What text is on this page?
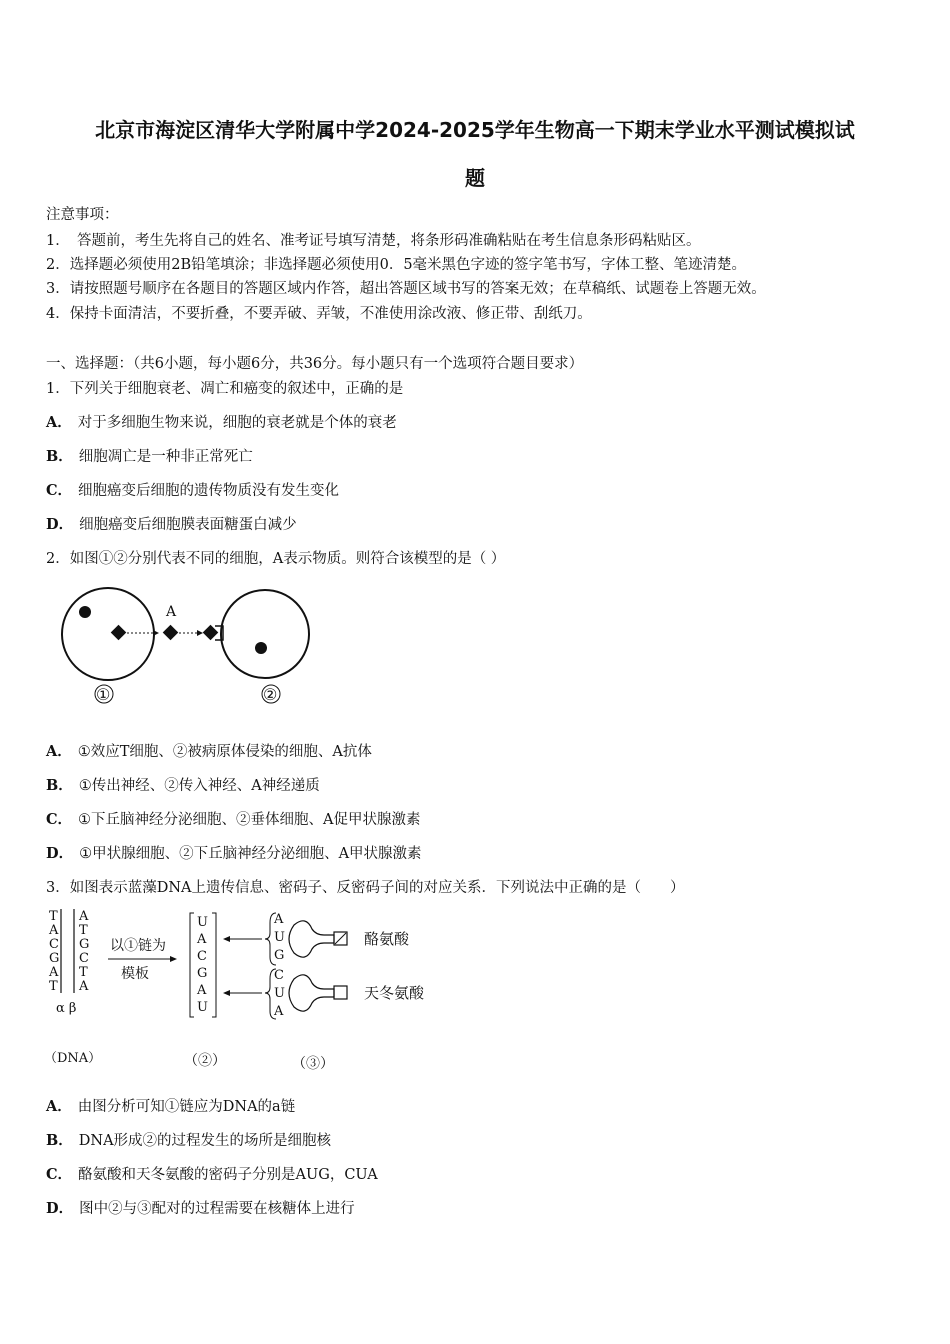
北京市海淀区清华大学附属中学2024-2025学年生物高一下期末学业水平测试模拟试
题
注意事项：
1．　答题前，考生先将自己的姓名、准考证号填写清楚，将条形码准确粘贴在考生信息条形码粘贴区。
2．选择题必须使用2B铅笔填涂；非选择题必须使用0．5毫米黑色字迹的签字笔书写，字体工整、笔迹清楚。
3．请按照题号顺序在各题目的答题区域内作答，超出答题区域书写的答案无效；在草稿纸、试题卷上答题无效。
4．保持卡面清洁，不要折叠，不要弄破、弄皱，不准使用涂改液、修正带、刮纸刀。
一、选择题：（共6小题，每小题6分，共36分。每小题只有一个选项符合题目要求）
1．下列关于细胞衰老、凋亡和癌变的叙述中，正确的是
A． 对于多细胞生物来说，细胞的衰老就是个体的衰老
B． 细胞凋亡是一种非正常死亡
C． 细胞癌变后细胞的遗传物质没有发生变化
D． 细胞癌变后细胞膜表面糖蛋白减少
2．如图①②分别代表不同的细胞，A表示物质。则符合该模型的是（ ）
A
①	②
A． ①效应T细胞、②被病原体侵染的细胞、A抗体
B． ①传出神经、②传入神经、A神经递质
C． ①下丘脑神经分泌细胞、②垂体细胞、A促甲状腺激素
D． ①甲状腺细胞、②下丘脑神经分泌细胞、A甲状腺激素
3．如图表示蓝藻DNA上遗传信息、密码子、反密码子间的对应关系．下列说法中正确的是（　　）
T
A
C
G
A
T
A
T
G
C
T
A
α β
以①链为
模板
U
A
C
G
A
U
A
U
G
酪氨酸
C
U
A
天冬氨酸
（DNA）	（②）	（③）
A． 由图分析可知①链应为DNA的a链
B． DNA形成②的过程发生的场所是细胞核
C． 酪氨酸和天冬氨酸的密码子分别是AUG，CUA
D． 图中②与③配对的过程需要在核糖体上进行
